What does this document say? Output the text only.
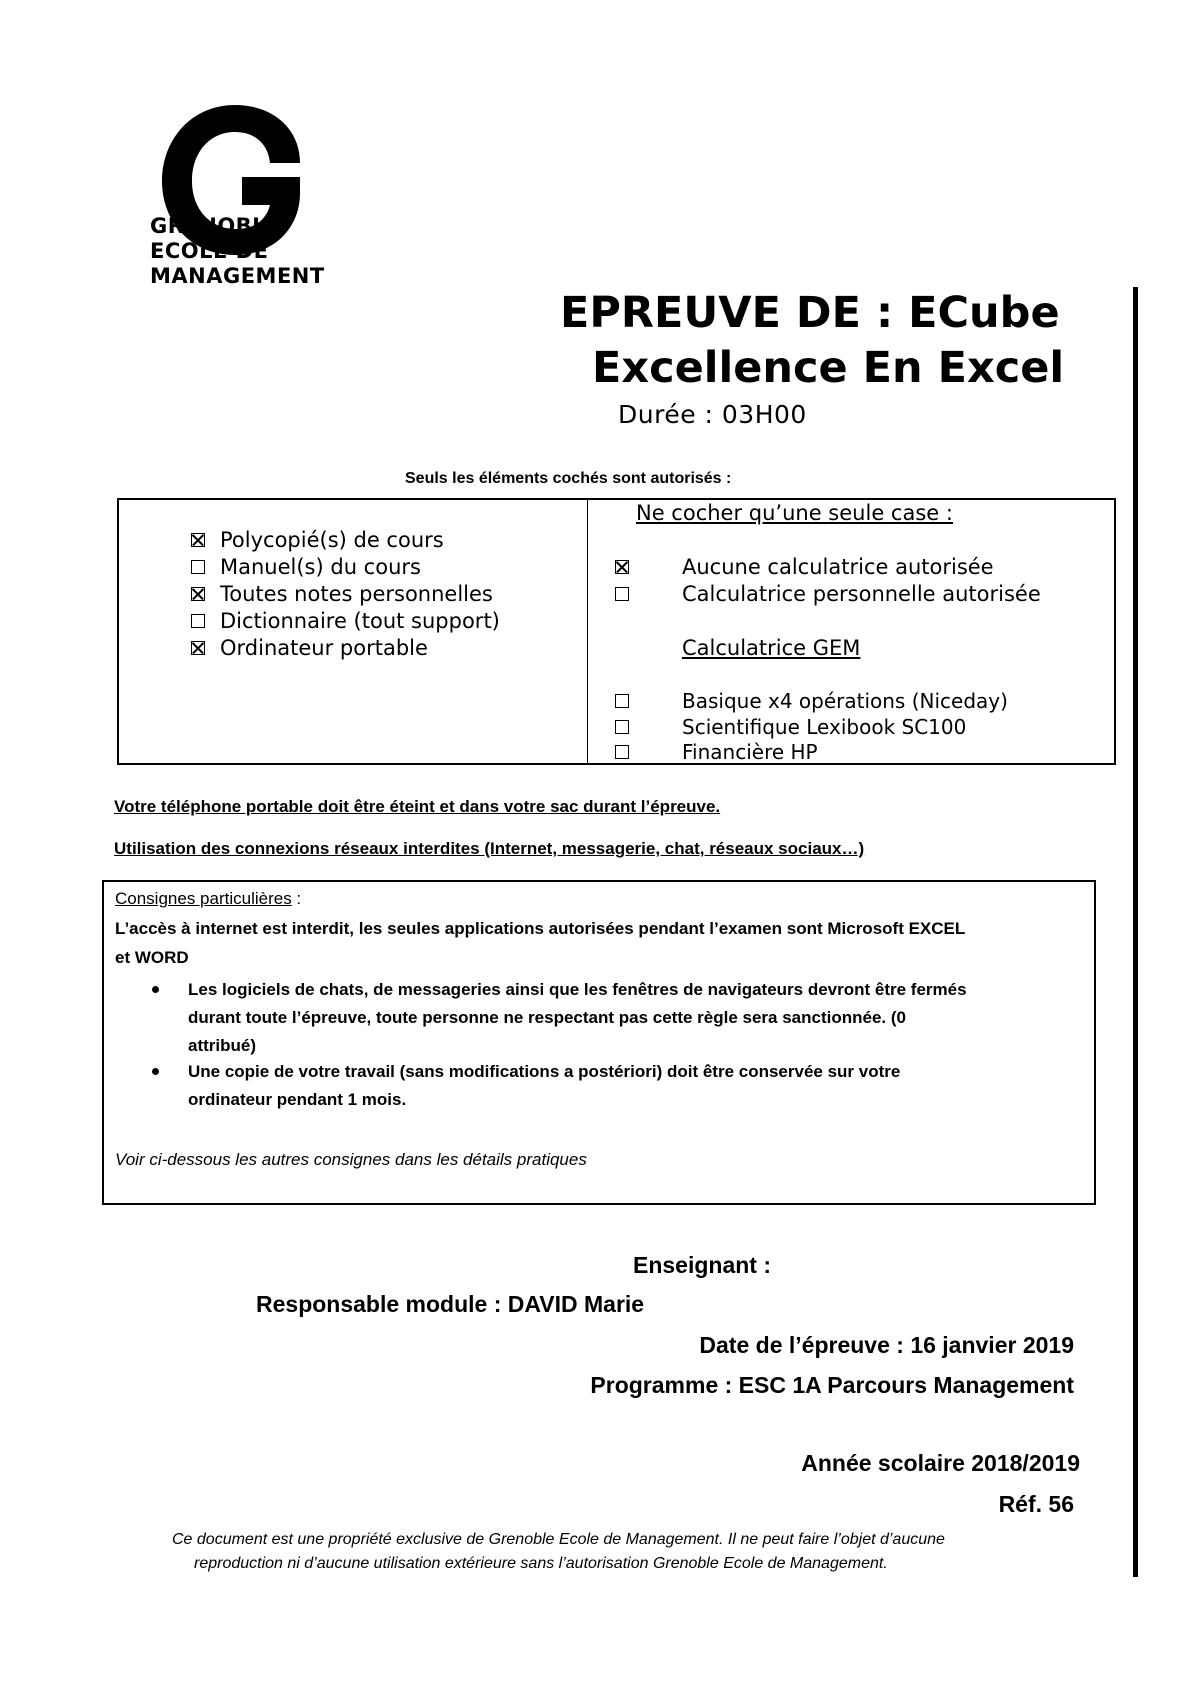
GRENOBLE
ECOLE DE
MANAGEMENT
EPREUVE DE : ECube
Excellence En Excel
Durée : 03H00
Seuls les éléments cochés sont autorisés :
Polycopié(s) de cours
Manuel(s) du cours
Toutes notes personnelles
Dictionnaire (tout support)
Ordinateur portable
Ne cocher qu’une seule case :
Aucune calculatrice autorisée
Calculatrice personnelle autorisée
Calculatrice GEM
Basique x4 opérations (Niceday)
Scientifique Lexibook SC100
Financière HP
Votre téléphone portable doit être éteint et dans votre sac durant l’épreuve.
Utilisation des connexions réseaux interdites (Internet, messagerie, chat, réseaux sociaux…)
Consignes particulières :
L’accès à internet est interdit, les seules applications autorisées pendant l’examen sont Microsoft EXCEL
et WORD
Les logiciels de chats, de messageries ainsi que les fenêtres de navigateurs devront être fermés
durant toute l’épreuve, toute personne ne respectant pas cette règle sera sanctionnée. (0
attribué)
Une copie de votre travail (sans modifications a postériori) doit être conservée sur votre
ordinateur pendant 1 mois.
Voir ci-dessous les autres consignes dans les détails pratiques
Enseignant :
Responsable module : DAVID Marie
Date de l’épreuve : 16 janvier 2019
Programme : ESC 1A Parcours Management
Année scolaire 2018/2019
Réf. 56
Ce document est une propriété exclusive de Grenoble Ecole de Management. Il ne peut faire l’objet d’aucune
reproduction ni d’aucune utilisation extérieure sans l’autorisation Grenoble Ecole de Management.
